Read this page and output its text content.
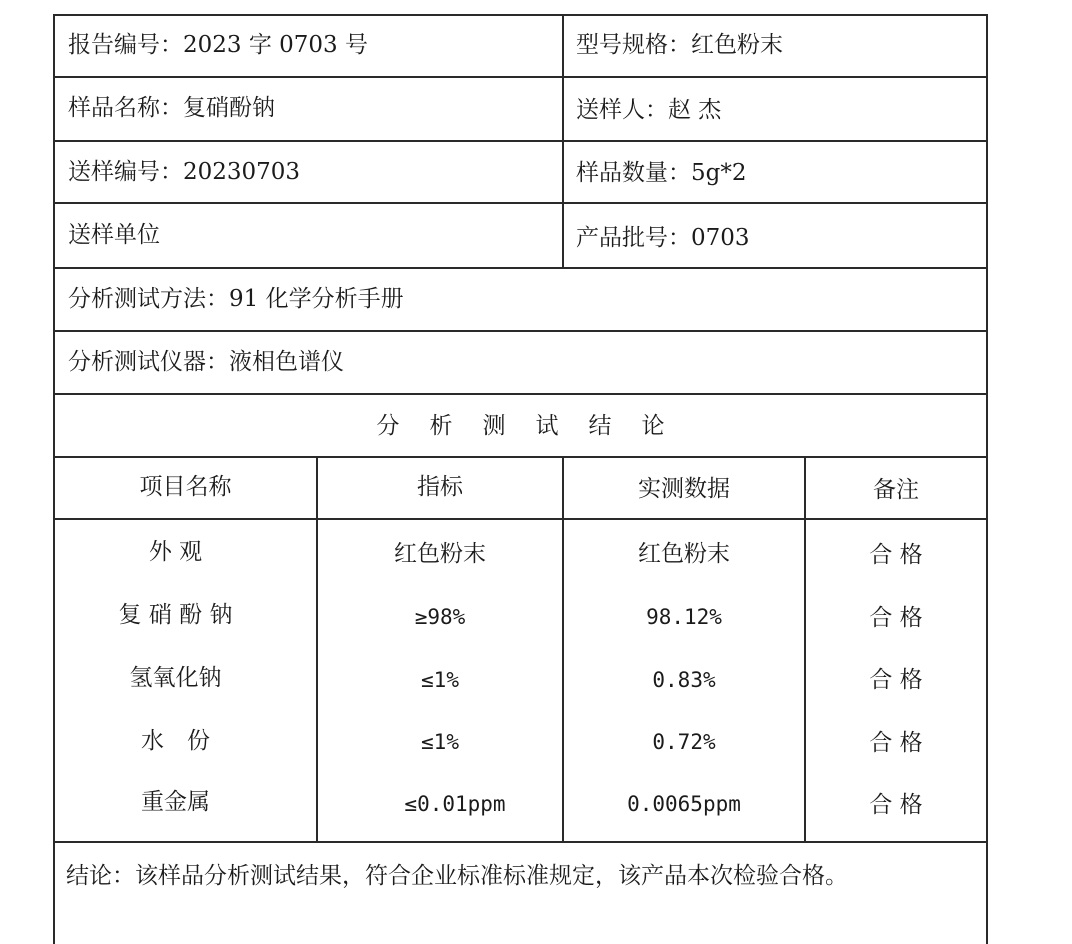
报告编号：2023 字 0703 号	型号规格：红色粉末
样品名称：复硝酚钠	送样人：赵 杰
送样编号：20230703	样品数量：5g*2
送样单位	产品批号：0703
分析测试方法：91 化学分析手册
分析测试仪器：液相色谱仪
分析测试结论
项目名称	指标	实测数据	备注
外 观	红色粉末	红色粉末	合 格
复 硝 酚 钠	≥98%	98.12%	合 格
氢氧化钠	≤1%	0.83%	合 格
水　份	≤1%	0.72%	合 格
重金属	≤0.01ppm	0.0065ppm	合 格
结论：该样品分析测试结果，符合企业标准标准规定，该产品本次检验合格。
